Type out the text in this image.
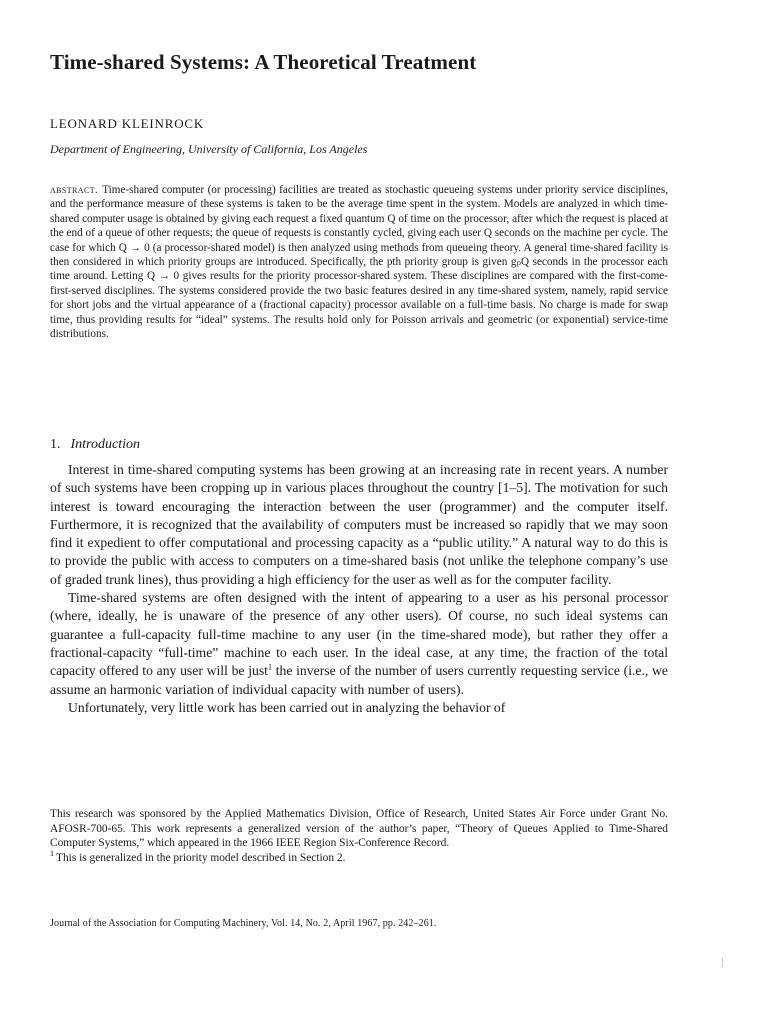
Time-shared Systems: A Theoretical Treatment
LEONARD KLEINROCK
Department of Engineering, University of California, Los Angeles
abstract. Time-shared computer (or processing) facilities are treated as stochastic queueing systems under priority service disciplines, and the performance measure of these systems is taken to be the average time spent in the system. Models are analyzed in which time-shared computer usage is obtained by giving each request a fixed quantum Q of time on the processor, after which the request is placed at the end of a queue of other requests; the queue of requests is constantly cycled, giving each user Q seconds on the machine per cycle. The case for which Q → 0 (a processor-shared model) is then analyzed using methods from queueing theory. A general time-shared facility is then considered in which priority groups are introduced. Specifically, the pth priority group is given gₚQ seconds in the processor each time around. Letting Q → 0 gives results for the priority processor-shared system. These disciplines are compared with the first-come-first-served disciplines. The systems considered provide the two basic features desired in any time-shared system, namely, rapid service for short jobs and the virtual appearance of a (fractional capacity) processor available on a full-time basis. No charge is made for swap time, thus providing results for “ideal” systems. The results hold only for Poisson arrivals and geometric (or exponential) service-time distributions.
1. Introduction

Interest in time-shared computing systems has been growing at an increasing rate in recent years. A number of such systems have been cropping up in various places throughout the country [1–5]. The motivation for such interest is toward encouraging the interaction between the user (programmer) and the computer itself. Furthermore, it is recognized that the availability of computers must be increased so rapidly that we may soon find it expedient to offer computational and processing capacity as a “public utility.” A natural way to do this is to provide the public with access to computers on a time-shared basis (not unlike the telephone company’s use of graded trunk lines), thus providing a high efficiency for the user as well as for the computer facility.

Time-shared systems are often designed with the intent of appearing to a user as his personal processor (where, ideally, he is unaware of the presence of any other users). Of course, no such ideal systems can guarantee a full-capacity full-time machine to any user (in the time-shared mode), but rather they offer a fractional-capacity “full-time” machine to each user. In the ideal case, at any time, the fraction of the total capacity offered to any user will be just$^1$ the inverse of the number of users currently requesting service (i.e., we assume an harmonic variation of individual capacity with number of users).

Unfortunately, very little work has been carried out in analyzing the behavior of

This research was sponsored by the Applied Mathematics Division, Office of Research, United States Air Force under Grant No. AFOSR-700-65. This work represents a generalized version of the author’s paper, “Theory of Queues Applied to Time-Shared Computer Systems,” which appeared in the 1966 IEEE Region Six-Conference Record.

$^1$ This is generalized in the priority model described in Section 2.

Journal of the Association for Computing Machinery, Vol. 14, No. 2, April 1967, pp. 242–261.
